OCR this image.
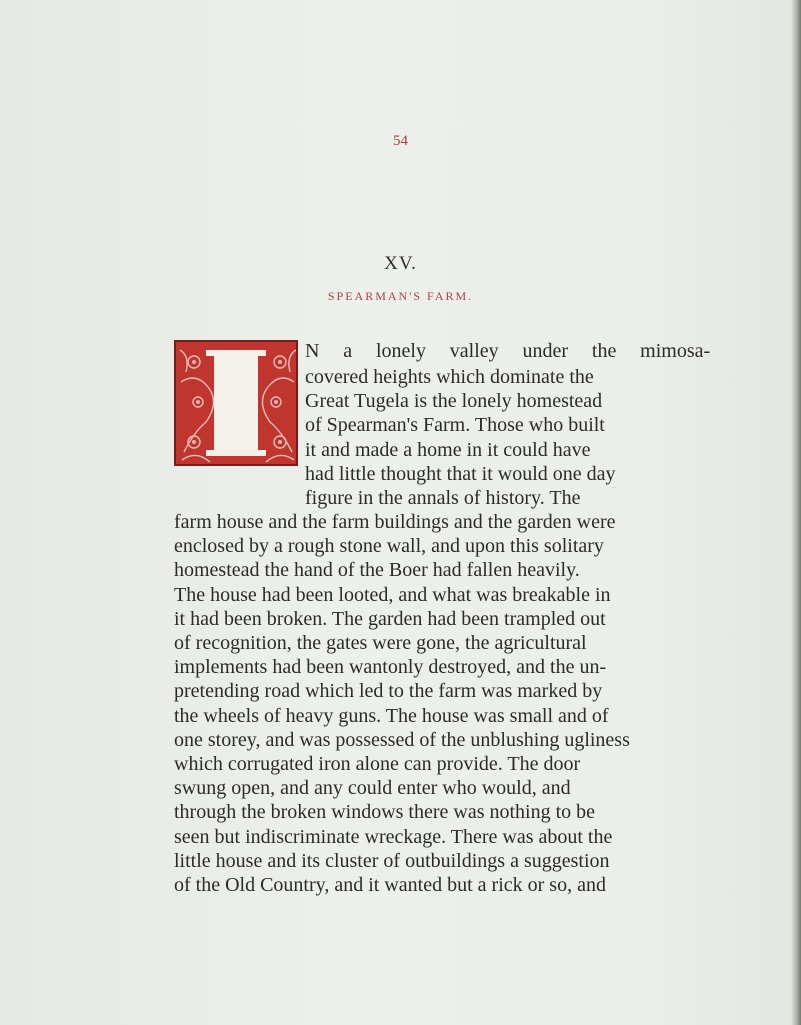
54
XV.
SPEARMAN'S FARM.
N a lonely valley under the mimosa-
covered heights which dominate the
Great Tugela is the lonely homestead
of Spearman's Farm. Those who built
it and made a home in it could have
had little thought that it would one day
figure in the annals of history. The
farm house and the farm buildings and the garden were
enclosed by a rough stone wall, and upon this solitary
homestead the hand of the Boer had fallen heavily.
The house had been looted, and what was breakable in
it had been broken. The garden had been trampled out
of recognition, the gates were gone, the agricultural
implements had been wantonly destroyed, and the un-
pretending road which led to the farm was marked by
the wheels of heavy guns. The house was small and of
one storey, and was possessed of the unblushing ugliness
which corrugated iron alone can provide. The door
swung open, and any could enter who would, and
through the broken windows there was nothing to be
seen but indiscriminate wreckage. There was about the
little house and its cluster of outbuildings a suggestion
of the Old Country, and it wanted but a rick or so, and
